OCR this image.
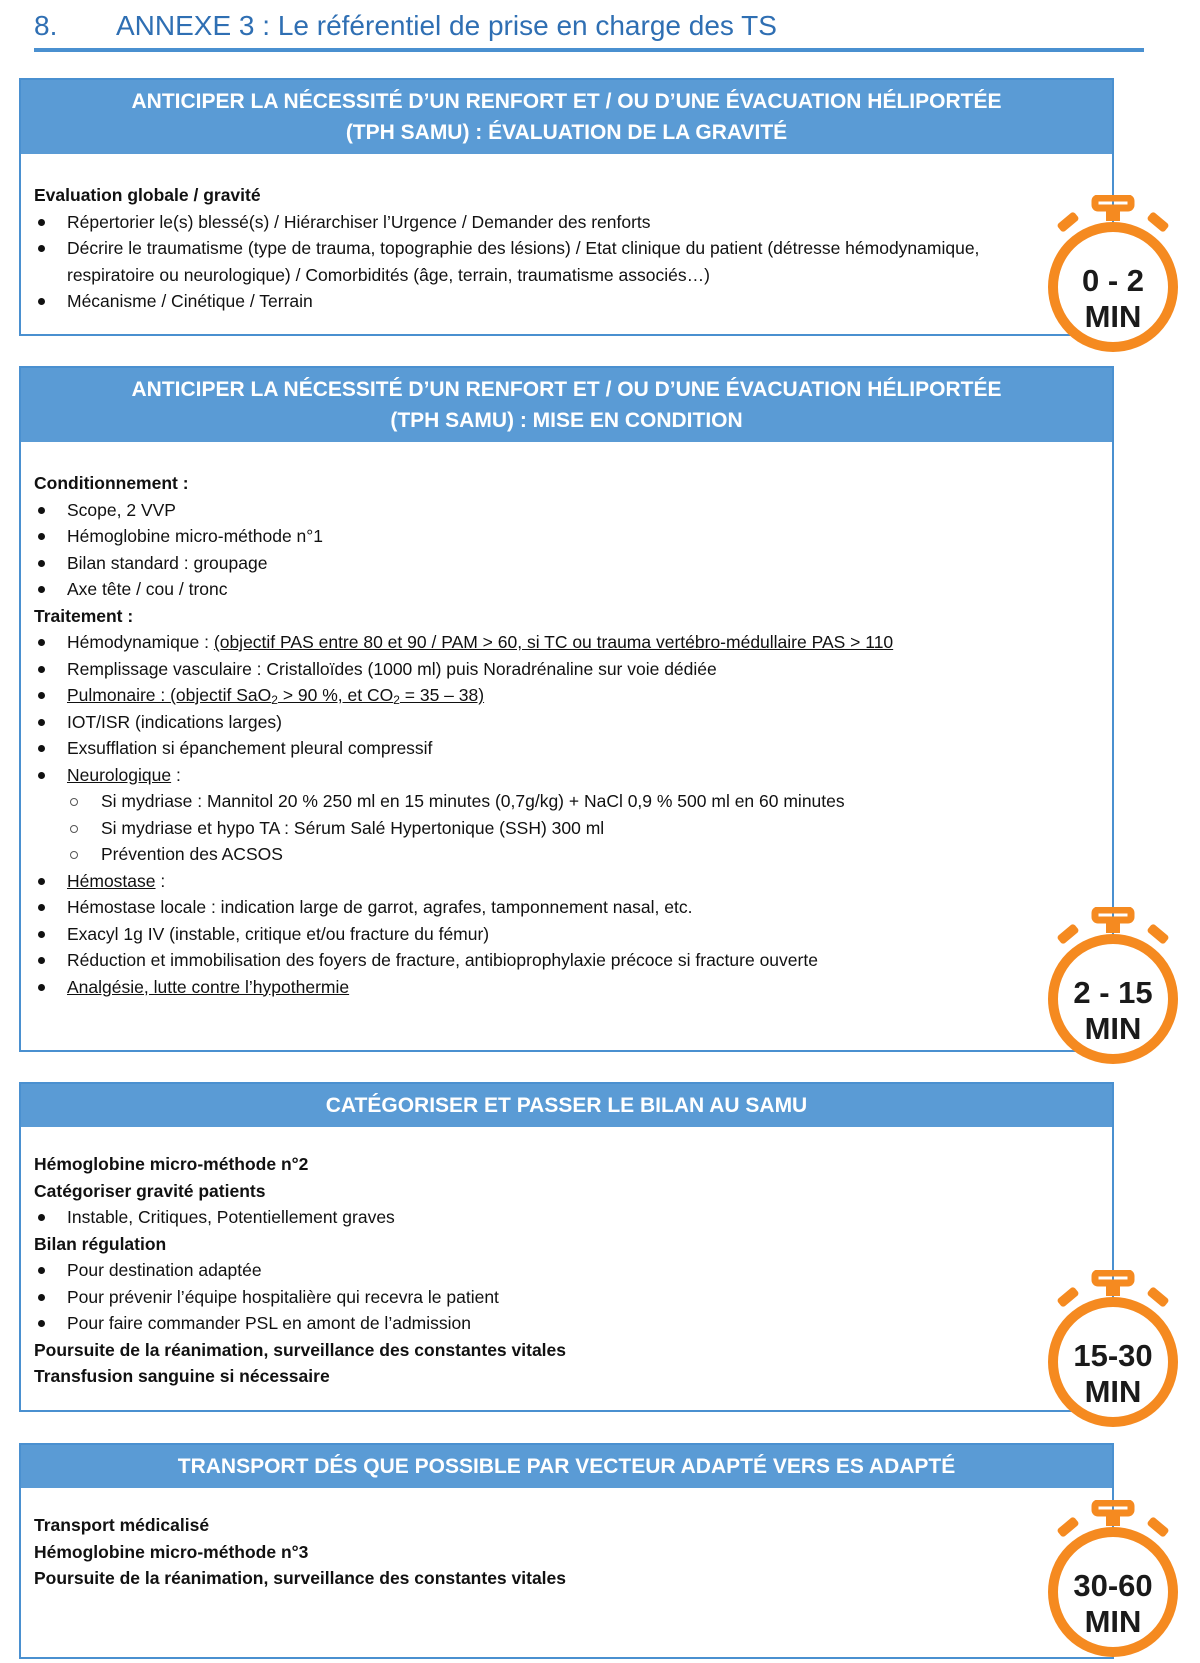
8. ANNEXE 3 : Le référentiel de prise en charge des TS
ANTICIPER LA NÉCESSITÉ D’UN RENFORT ET / OU D’UNE ÉVACUATION HÉLIPORTÉE
(TPH SAMU) : ÉVALUATION DE LA GRAVITÉ
Evaluation globale / gravité
Répertorier le(s) blessé(s) / Hiérarchiser l’Urgence / Demander des renforts
Décrire le traumatisme (type de trauma, topographie des lésions) / Etat clinique du patient (détresse hémodynamique,
respiratoire ou neurologique) / Comorbidités (âge, terrain, traumatisme associés…)
Mécanisme / Cinétique / Terrain
ANTICIPER LA NÉCESSITÉ D’UN RENFORT ET / OU D’UNE ÉVACUATION HÉLIPORTÉE
(TPH SAMU) : MISE EN CONDITION
Conditionnement :
Scope, 2 VVP
Hémoglobine micro-méthode n°1
Bilan standard : groupage
Axe tête / cou / tronc
Traitement :
Hémodynamique : (objectif PAS entre 80 et 90 / PAM > 60, si TC ou trauma vertébro-médullaire PAS > 110
Remplissage vasculaire : Cristalloïdes (1000 ml) puis Noradrénaline sur voie dédiée
Pulmonaire : (objectif SaO$_2$ > 90 %, et $CO_2 = 35 - 38$)
IOT/ISR (indications larges)
Exsufflation si épanchement pleural compressif
Neurologique :
Si mydriase : Mannitol 20 % 250 ml en 15 minutes (0,7g/kg) + NaCl 0,9 % 500 ml en 60 minutes
Si mydriase et hypo TA : Sérum Salé Hypertonique (SSH) 300 ml
Prévention des ACSOS
Hémostase :
Hémostase locale : indication large de garrot, agrafes, tamponnement nasal, etc.
Exacyl 1g IV (instable, critique et/ou fracture du fémur)
Réduction et immobilisation des foyers de fracture, antibioprophylaxie précoce si fracture ouverte
Analgésie, lutte contre l’hypothermie
CATÉGORISER ET PASSER LE BILAN AU SAMU
Hémoglobine micro-méthode n°2
Catégoriser gravité patients
Instable, Critiques, Potentiellement graves
Bilan régulation
Pour destination adaptée
Pour prévenir l’équipe hospitalière qui recevra le patient
Pour faire commander PSL en amont de l’admission
Poursuite de la réanimation, surveillance des constantes vitales
Transfusion sanguine si nécessaire
TRANSPORT DÉS QUE POSSIBLE PAR VECTEUR ADAPTÉ VERS ES ADAPTÉ
Transport médicalisé
Hémoglobine micro-méthode n°3
Poursuite de la réanimation, surveillance des constantes vitales
0 - 2
MIN
2 - 15
MIN
15-30
MIN
30-60
MIN
